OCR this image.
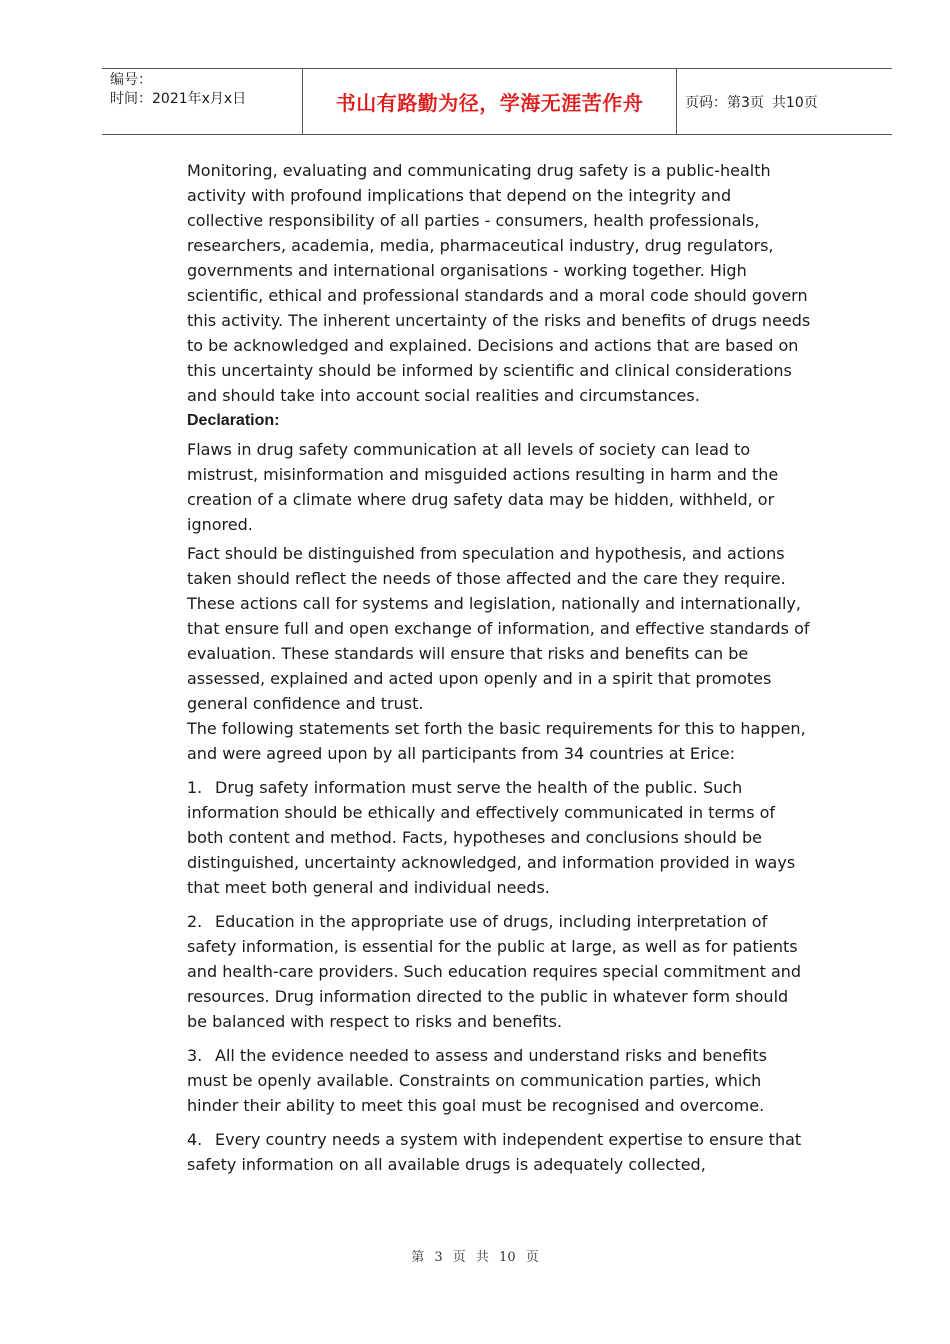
编号：
时间：2021年x月x日	书山有路勤为径，学海无涯苦作舟	页码：第3页 共10页

Monitoring, evaluating and communicating drug safety is a public-health activity with profound implications that depend on the integrity and collective responsibility of all parties - consumers, health professionals, researchers, academia, media, pharmaceutical industry, drug regulators, governments and international organisations - working together. High scientific, ethical and professional standards and a moral code should govern this activity. The inherent uncertainty of the risks and benefits of drugs needs to be acknowledged and explained. Decisions and actions that are based on this uncertainty should be informed by scientific and clinical considerations and should take into account social realities and circumstances.

Declaration:

Flaws in drug safety communication at all levels of society can lead to mistrust, misinformation and misguided actions resulting in harm and the creation of a climate where drug safety data may be hidden, withheld, or ignored.

Fact should be distinguished from speculation and hypothesis, and actions taken should reflect the needs of those affected and the care they require. These actions call for systems and legislation, nationally and internationally, that ensure full and open exchange of information, and effective standards of evaluation. These standards will ensure that risks and benefits can be assessed, explained and acted upon openly and in a spirit that promotes general confidence and trust.

The following statements set forth the basic requirements for this to happen, and were agreed upon by all participants from 34 countries at Erice:

1. Drug safety information must serve the health of the public. Such information should be ethically and effectively communicated in terms of both content and method. Facts, hypotheses and conclusions should be distinguished, uncertainty acknowledged, and information provided in ways that meet both general and individual needs.

2. Education in the appropriate use of drugs, including interpretation of safety information, is essential for the public at large, as well as for patients and health-care providers. Such education requires special commitment and resources. Drug information directed to the public in whatever form should be balanced with respect to risks and benefits.

3. All the evidence needed to assess and understand risks and benefits must be openly available. Constraints on communication parties, which hinder their ability to meet this goal must be recognised and overcome.

4. Every country needs a system with independent expertise to ensure that safety information on all available drugs is adequately collected,

第 3 页 共 10 页
